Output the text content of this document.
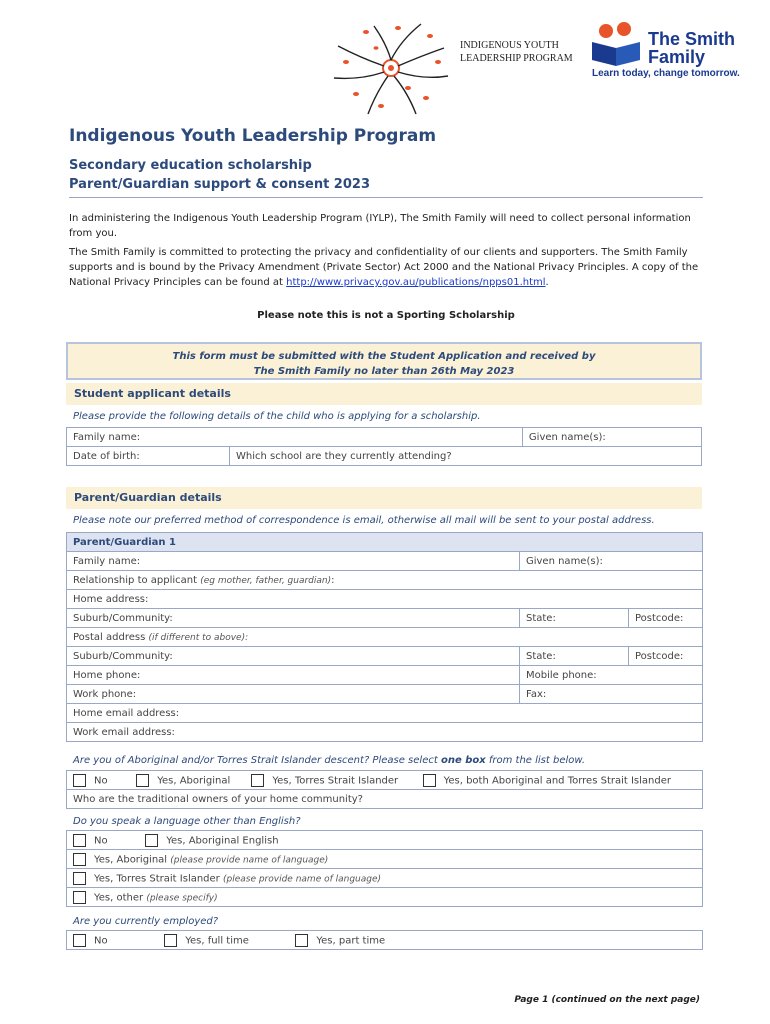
INDIGENOUS YOUTH
LEADERSHIP PROGRAM
The Smith
Family
Learn today, change tomorrow.
Indigenous Youth Leadership Program
Secondary education scholarship
Parent/Guardian support & consent 2023
In administering the Indigenous Youth Leadership Program (IYLP), The Smith Family will need to collect personal information from you.
The Smith Family is committed to protecting the privacy and confidentiality of our clients and supporters. The Smith Family supports and is bound by the Privacy Amendment (Private Sector) Act 2000 and the National Privacy Principles. A copy of the National Privacy Principles can be found at http://www.privacy.gov.au/publications/npps01.html.
Please note this is not a Sporting Scholarship
This form must be submitted with the Student Application and received by
The Smith Family no later than 26th May 2023
Student applicant details
Please provide the following details of the child who is applying for a scholarship.
Family name:		Given name(s):
Date of birth:	Which school are they currently attending?	
Parent/Guardian details
Please note our preferred method of correspondence is email, otherwise all mail will be sent to your postal address.
Parent/Guardian 1		
Family name:	Given name(s):	
Relationship to applicant (eg mother, father, guardian):		
Home address:		
Suburb/Community:	State:	Postcode:
Postal address (if different to above):		
Suburb/Community:	State:	Postcode:
Home phone:	Mobile phone:	
Work phone:	Fax:	
Home email address:		
Work email address:		
Are you of Aboriginal and/or Torres Strait Islander descent? Please select one box from the list below.
No	Yes, Aboriginal	Yes, Torres Strait Islander	Yes, both Aboriginal and Torres Strait Islander
Who are the traditional owners of your home community?
Do you speak a language other than English?
No	Yes, Aboriginal English
Yes, Aboriginal (please provide name of language)
Yes, Torres Strait Islander (please provide name of language)
Yes, other (please specify)
Are you currently employed?
No	Yes, full time	Yes, part time
Page 1 (continued on the next page)
